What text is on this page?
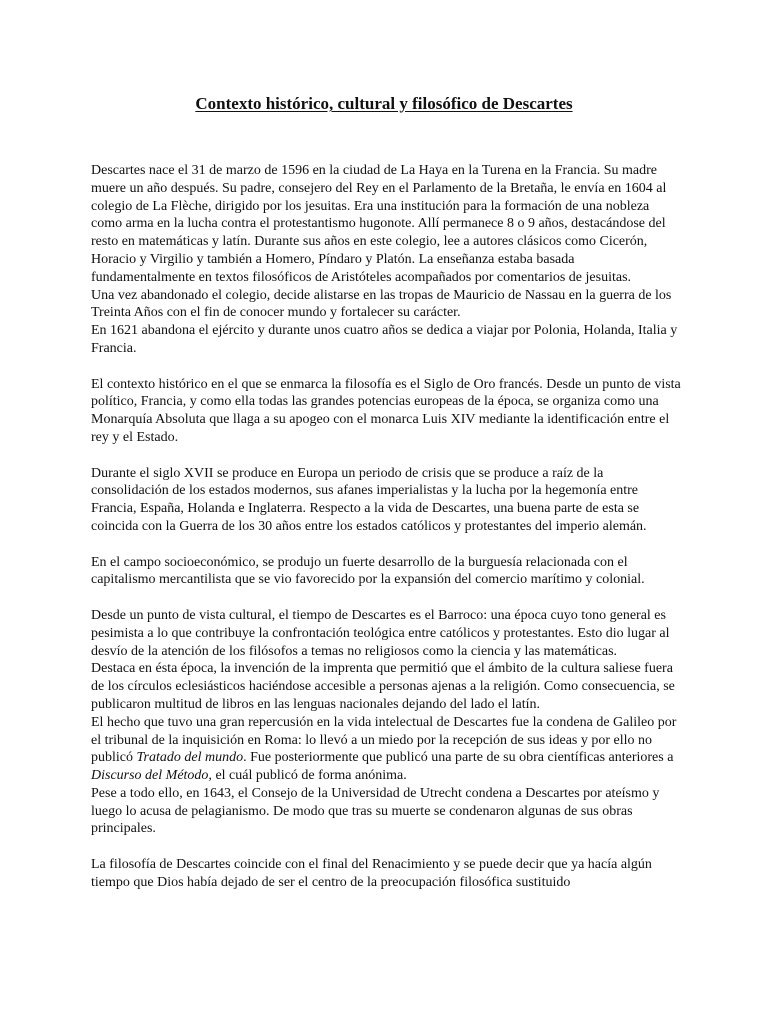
Contexto histórico, cultural y filosófico de Descartes

Descartes nace el 31 de marzo de 1596 en la ciudad de La Haya en la Turena en la Francia. Su madre muere un año después. Su padre, consejero del Rey en el Parlamento de la Bretaña, le envía en 1604 al colegio de La Flèche, dirigido por los jesuitas. Era una institución para la formación de una nobleza como arma en la lucha contra el protestantismo hugonote. Allí permanece 8 o 9 años, destacándose del resto en matemáticas y latín. Durante sus años en este colegio, lee a autores clásicos como Cicerón, Horacio y Virgilio y también a Homero, Píndaro y Platón. La enseñanza estaba basada fundamentalmente en textos filosóficos de Aristóteles acompañados por comentarios de jesuitas.

Una vez abandonado el colegio, decide alistarse en las tropas de Mauricio de Nassau en la guerra de los Treinta Años con el fin de conocer mundo y fortalecer su carácter.

En 1621 abandona el ejército y durante unos cuatro años se dedica a viajar por Polonia, Holanda, Italia y Francia.

El contexto histórico en el que se enmarca la filosofía es el Siglo de Oro francés. Desde un punto de vista político, Francia, y como ella todas las grandes potencias europeas de la época, se organiza como una Monarquía Absoluta que llaga a su apogeo con el monarca Luis XIV mediante la identificación entre el rey y el Estado.

Durante el siglo XVII se produce en Europa un periodo de crisis que se produce a raíz de la consolidación de los estados modernos, sus afanes imperialistas y la lucha por la hegemonía entre Francia, España, Holanda e Inglaterra. Respecto a la vida de Descartes, una buena parte de esta se coincida con la Guerra de los 30 años entre los estados católicos y protestantes del imperio alemán.

En el campo socioeconómico, se produjo un fuerte desarrollo de la burguesía relacionada con el capitalismo mercantilista que se vio favorecido por la expansión del comercio marítimo y colonial.

Desde un punto de vista cultural, el tiempo de Descartes es el Barroco: una época cuyo tono general es pesimista a lo que contribuye la confrontación teológica entre católicos y protestantes. Esto dio lugar al desvío de la atención de los filósofos a temas no religiosos como la ciencia y las matemáticas.

Destaca en ésta época, la invención de la imprenta que permitió que el ámbito de la cultura saliese fuera de los círculos eclesiásticos haciéndose accesible a personas ajenas a la religión. Como consecuencia, se publicaron multitud de libros en las lenguas nacionales dejando del lado el latín.

El hecho que tuvo una gran repercusión en la vida intelectual de Descartes fue la condena de Galileo por el tribunal de la inquisición en Roma: lo llevó a un miedo por la recepción de sus ideas y por ello no publicó Tratado del mundo. Fue posteriormente que publicó una parte de su obra científicas anteriores a Discurso del Método, el cuál publicó de forma anónima.

Pese a todo ello, en 1643, el Consejo de la Universidad de Utrecht condena a Descartes por ateísmo y luego lo acusa de pelagianismo. De modo que tras su muerte se condenaron algunas de sus obras principales.

La filosofía de Descartes coincide con el final del Renacimiento y se puede decir que ya hacía algún tiempo que Dios había dejado de ser el centro de la preocupación filosófica sustituido
